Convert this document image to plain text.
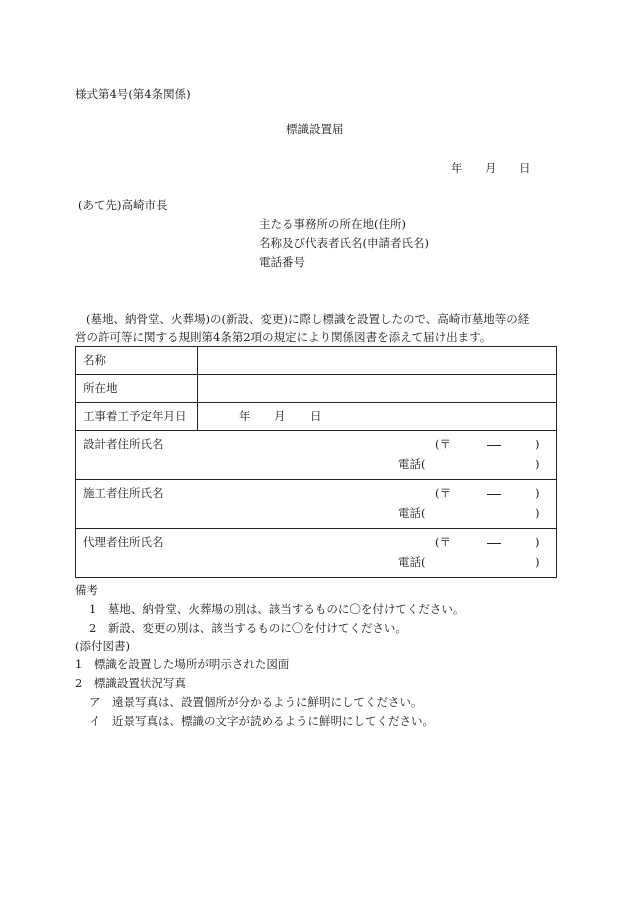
様式第4号(第4条関係)
標識設置届
年 月 日
(あて先)高崎市長
主たる事務所の所在地(住所)
名称及び代表者氏名(申請者氏名)
電話番号
(墓地、納骨堂、火葬場)の(新設、変更)に際し標識を設置したので、高崎市墓地等の経
営の許可等に関する規則第4条第2項の規定により関係図書を添えて届け出ます。
名称	

所在地	

工事着工予定年月日	年 月 日

設計者住所氏名 (〒 )
電話( )	

施工者住所氏名 (〒 )
電話( )	

代理者住所氏名 (〒 )
電話( )	
備考
1　墓地、納骨堂、火葬場の別は、該当するものに〇を付けてください。
2　新設、変更の別は、該当するものに〇を付けてください。
(添付図書)
1　標識を設置した場所が明示された図面
2　標識設置状況写真
ア　遠景写真は、設置個所が分かるように鮮明にしてください。
イ　近景写真は、標識の文字が読めるように鮮明にしてください。
